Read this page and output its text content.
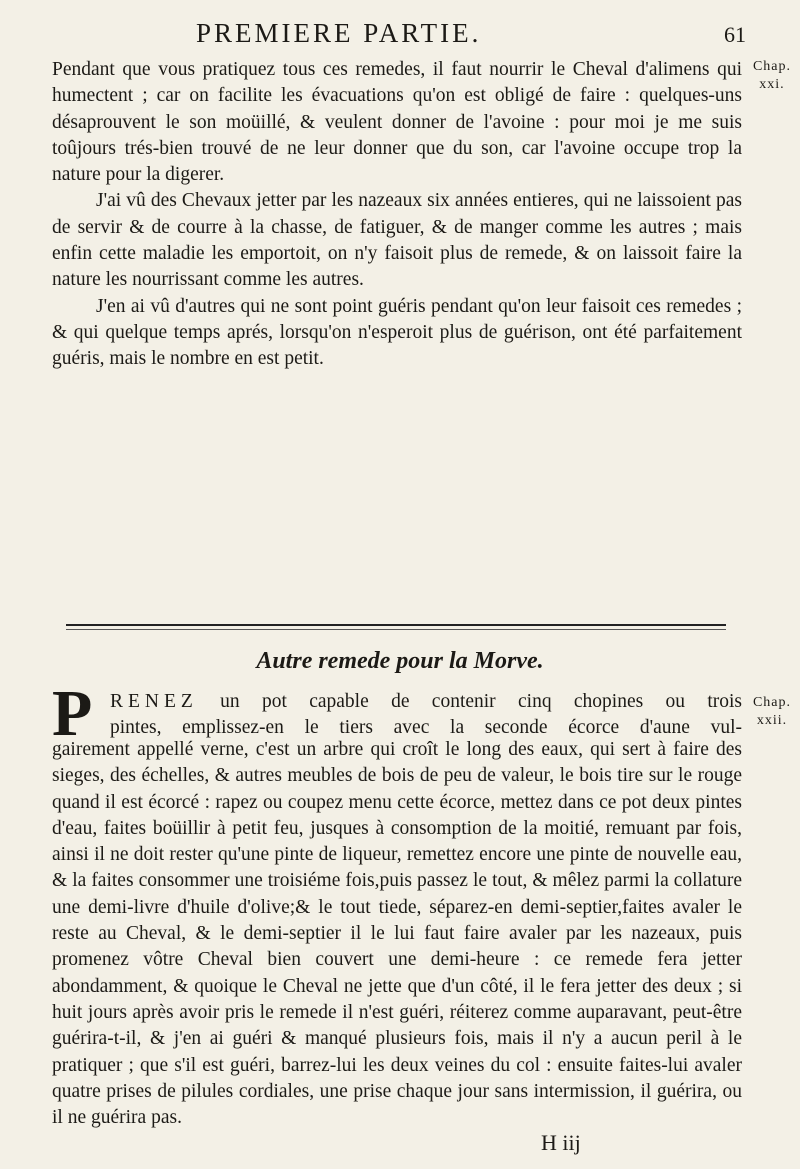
PREMIERE PARTIE.	61
Chap.
xxi.

Pendant que vous pratiquez tous ces remedes, il faut nourrir le Cheval d'alimens qui humectent ; car on facilite les évacuations qu'on est obligé de faire : quelques-uns désaprouvent le son moüillé, & veulent donner de l'avoine : pour moi je me suis toûjours trés-bien trouvé de ne leur donner que du son, car l'avoine occupe trop la nature pour la digerer.

J'ai vû des Chevaux jetter par les nazeaux six années entieres, qui ne laissoient pas de servir & de courre à la chasse, de fatiguer, & de manger comme les autres ; mais enfin cette maladie les emportoit, on n'y faisoit plus de remede, & on laissoit faire la nature les nourrissant comme les autres.

J'en ai vû d'autres qui ne sont point guéris pendant qu'on leur faisoit ces remedes ; & qui quelque temps aprés, lorsqu'on n'esperoit plus de guérison, ont été parfaitement guéris, mais le nombre en est petit.

Autre remede pour la Morve.
Chap.
xxii.
P RENEZ un pot capable de contenir cinq chopines ou trois
pintes, emplissez-en le tiers avec la seconde écorce d'aune vul-

gairement appellé verne, c'est un arbre qui croît le long des eaux, qui sert à faire des sieges, des échelles, & autres meubles de bois de peu de valeur, le bois tire sur le rouge quand il est écorcé : rapez ou coupez menu cette écorce, mettez dans ce pot deux pintes d'eau, faites boüillir à petit feu, jusques à consomption de la moitié, remuant par fois, ainsi il ne doit rester qu'une pinte de liqueur, remettez encore une pinte de nouvelle eau, & la faites consommer une troisiéme fois,puis passez le tout, & mêlez parmi la collature une demi-livre d'huile d'olive;& le tout tiede, séparez-en demi-septier,faites avaler le reste au Cheval, & le demi-septier il le lui faut faire avaler par les nazeaux, puis promenez vôtre Cheval bien couvert une demi-heure : ce remede fera jetter abondamment, & quoique le Cheval ne jette que d'un côté, il le fera jetter des deux ; si huit jours après avoir pris le remede il n'est guéri, réiterez comme auparavant, peut-être guérira-t-il, & j'en ai guéri & manqué plusieurs fois, mais il n'y a aucun peril à le pratiquer ; que s'il est guéri, barrez-lui les deux veines du col : ensuite faites-lui avaler quatre prises de pilules cordiales, une prise chaque jour sans intermission, il guérira, ou il ne guérira pas.

H iij
